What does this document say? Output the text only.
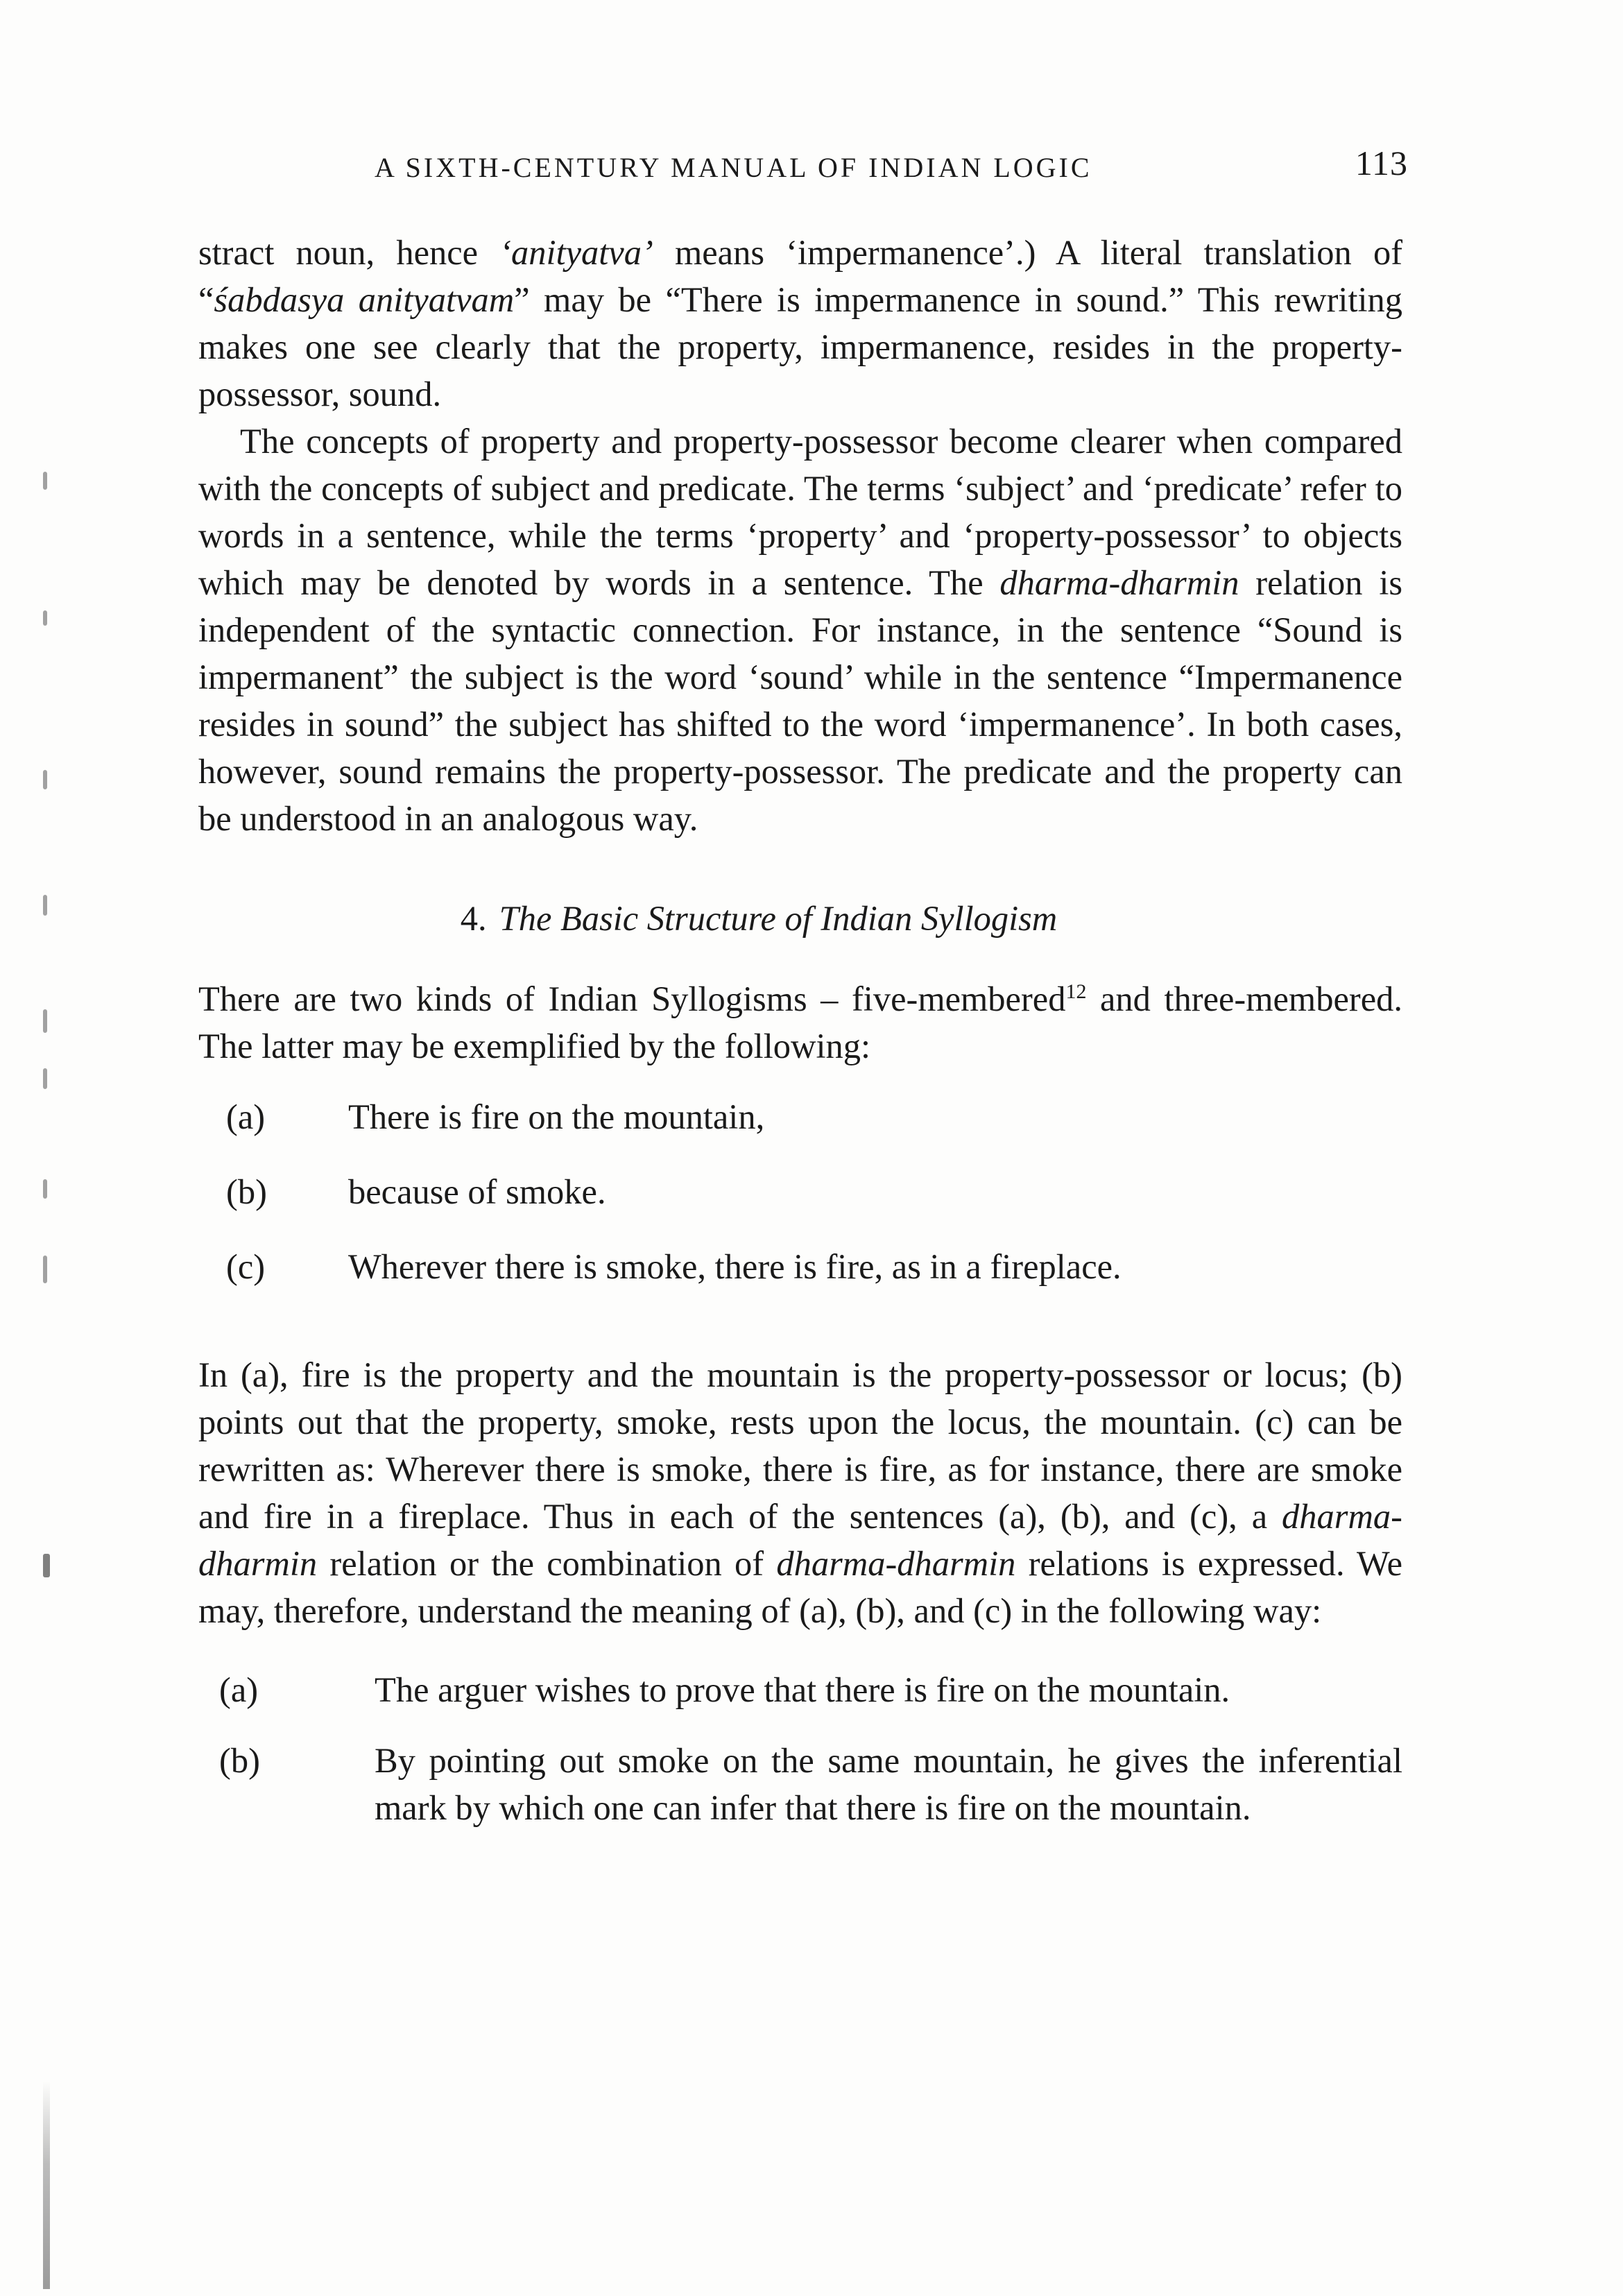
A SIXTH-CENTURY MANUAL OF INDIAN LOGIC	113

stract noun, hence ‘anityatva’ means ‘impermanence’.) A literal translation of “śabdasya anityatvam” may be “There is impermanence in sound.” This rewriting makes one see clearly that the property, impermanence, resides in the property-possessor, sound.

The concepts of property and property-possessor become clearer when compared with the concepts of subject and predicate. The terms ‘subject’ and ‘predicate’ refer to words in a sentence, while the terms ‘property’ and ‘property-possessor’ to objects which may be denoted by words in a sentence. The dharma-dharmin relation is independent of the syntactic connection. For instance, in the sentence “Sound is impermanent” the subject is the word ‘sound’ while in the sentence “Impermanence resides in sound” the subject has shifted to the word ‘impermanence’. In both cases, however, sound remains the property-possessor. The predicate and the property can be understood in an analogous way.

4. The Basic Structure of Indian Syllogism

There are two kinds of Indian Syllogisms – five-membered$^{12}$ and three-membered. The latter may be exemplified by the following:

(a)	There is fire on the mountain,
(b)	because of smoke.
(c)	Wherever there is smoke, there is fire, as in a fireplace.

In (a), fire is the property and the mountain is the property-possessor or locus; (b) points out that the property, smoke, rests upon the locus, the mountain. (c) can be rewritten as: Wherever there is smoke, there is fire, as for instance, there are smoke and fire in a fireplace. Thus in each of the sentences (a), (b), and (c), a dharma-dharmin relation or the combination of dharma-dharmin relations is expressed. We may, therefore, understand the meaning of (a), (b), and (c) in the following way:

(a)	The arguer wishes to prove that there is fire on the mountain.
(b)	By pointing out smoke on the same mountain, he gives the inferential mark by which one can infer that there is fire on the mountain.
